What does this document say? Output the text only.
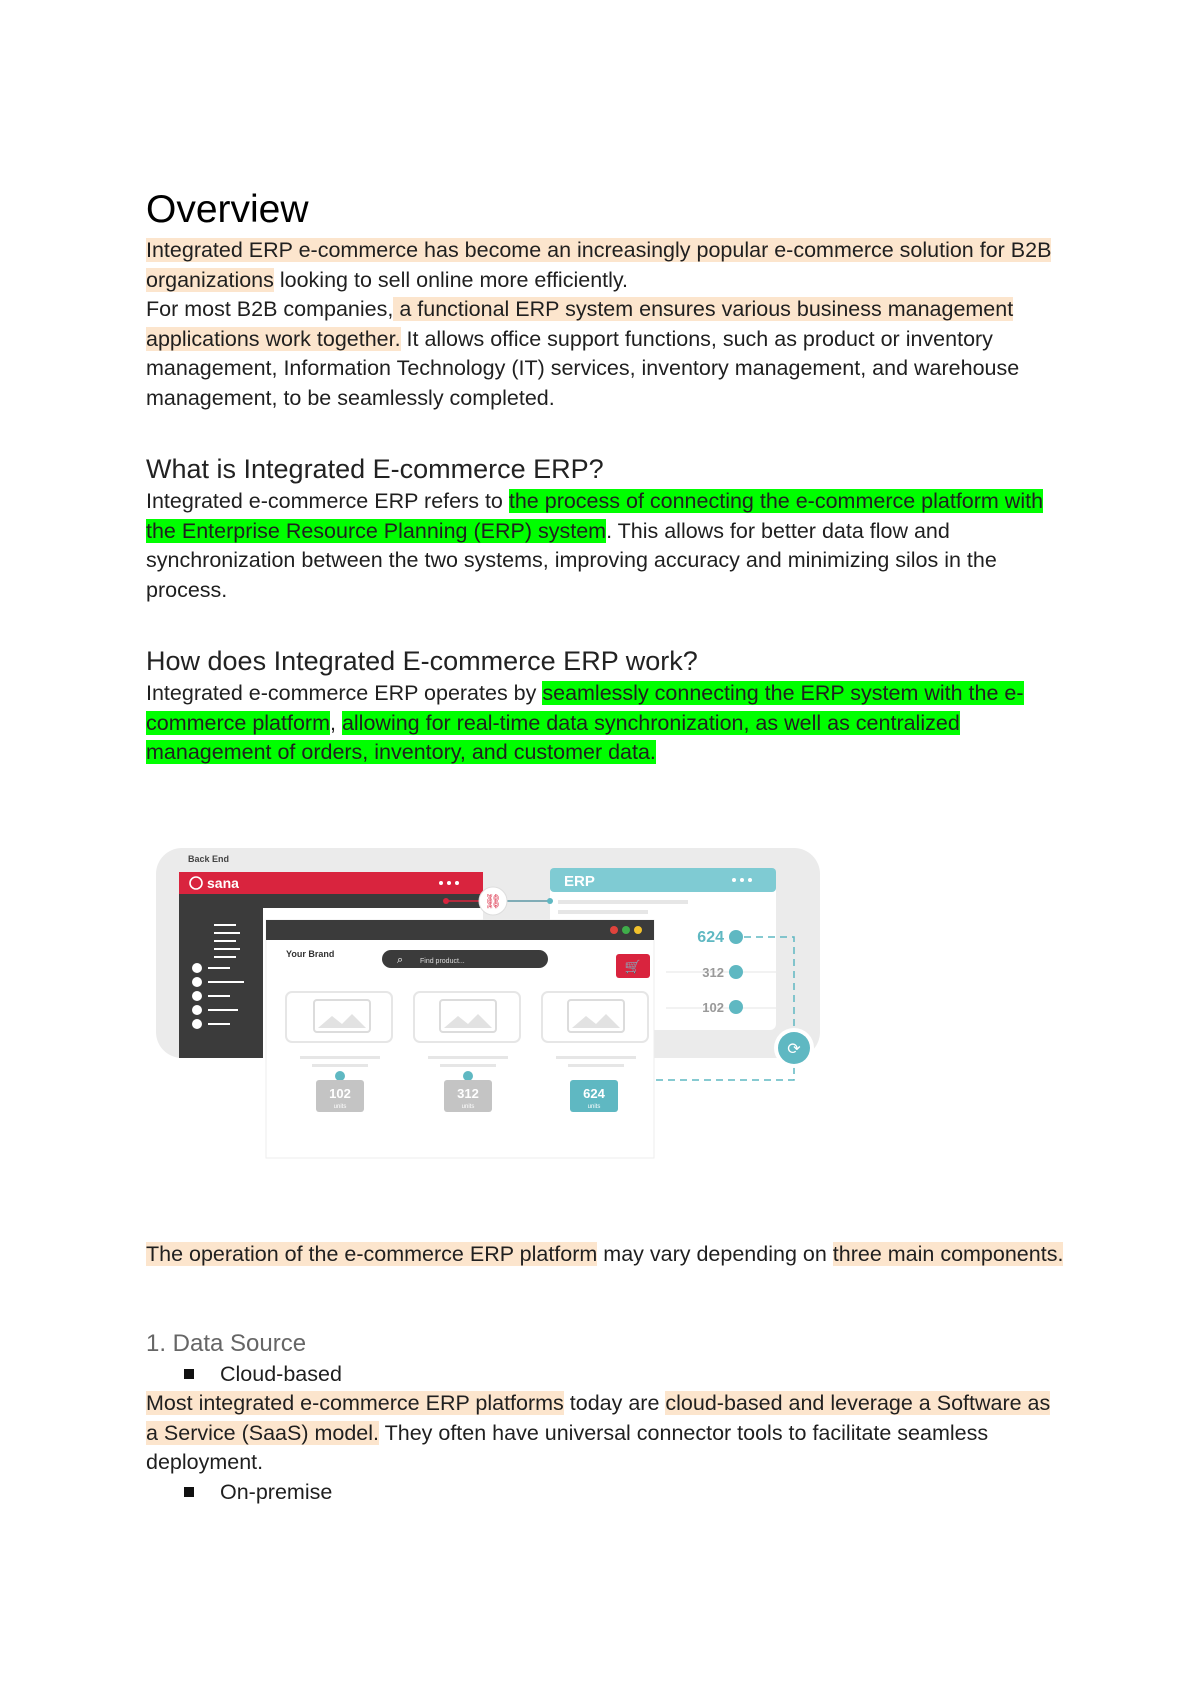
Overview

Integrated ERP e-commerce has become an increasingly popular e-commerce solution for B2B organizations looking to sell online more efficiently.

For most B2B companies, a functional ERP system ensures various business management applications work together. It allows office support functions, such as product or inventory management, Information Technology (IT) services, inventory management, and warehouse management, to be seamlessly completed.

What is Integrated E-commerce ERP?

Integrated e-commerce ERP refers to the process of connecting the e-commerce platform with the Enterprise Resource Planning (ERP) system. This allows for better data flow and synchronization between the two systems, improving accuracy and minimizing silos in the process.

How does Integrated E-commerce ERP work?

Integrated e-commerce ERP operates by seamlessly connecting the ERP system with the e-commerce platform, allowing for real-time data synchronization, as well as centralized management of orders, inventory, and customer data.

Back End
sana	ERP
624
312
102
⛓
⟳
Your Brand	⌕ Find product...	🛒
102	312	624
units	units	units

The operation of the e-commerce ERP platform may vary depending on three main components.

1. Data Source
Cloud-based

Most integrated e-commerce ERP platforms today are cloud-based and leverage a Software as a Service (SaaS) model. They often have universal connector tools to facilitate seamless deployment.

On-premise
